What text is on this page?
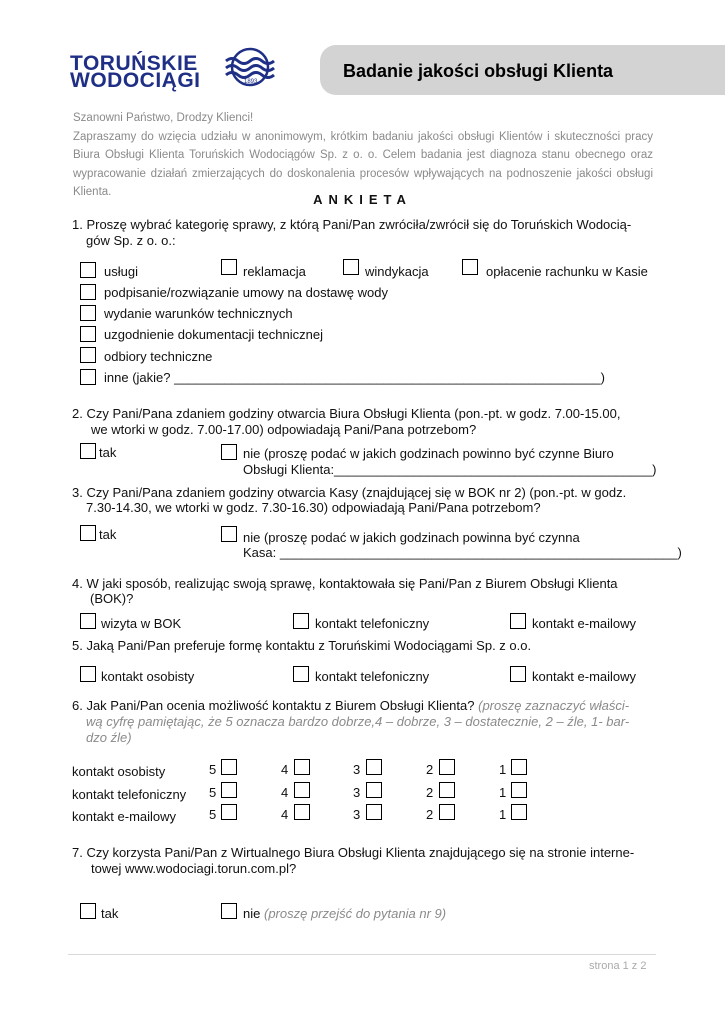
TORUŃSKIE
WODOCIĄGI	1893
Badanie jakości obsługi Klienta
Szanowni Państwo, Drodzy Klienci!
Zapraszamy do wzięcia udziału w anonimowym, krótkim badaniu jakości obsługi Klientów i skuteczności pracy Biura Obsługi Klienta Toruńskich Wodociągów Sp. z o. o. Celem badania jest diagnoza stanu obecnego oraz wypracowanie działań zmierzających do doskonalenia procesów wpływających na podnoszenie jakości obsługi Klienta.	ANKIETA
1. Proszę wybrać kategorię sprawy, z którą Pani/Pan zwróciła/zwrócił się do Toruńskich Wodocią-
gów Sp. z o. o.:
usługi	reklamacja	windykacja	opłacenie rachunku w Kasie
podpisanie/rozwiązanie umowy na dostawę wody
wydanie warunków technicznych
uzgodnienie dokumentacji technicznej
odbiory techniczne
inne (jakie? ___________________________________________________________)
2. Czy Pani/Pana zdaniem godziny otwarcia Biura Obsługi Klienta (pon.-pt. w godz. 7.00-15.00,
we wtorki w godz. 7.00-17.00) odpowiadają Pani/Pana potrzebom?
tak	nie (proszę podać w jakich godzinach powinno być czynne Biuro
Obsługi Klienta:____________________________________________)
3. Czy Pani/Pana zdaniem godziny otwarcia Kasy (znajdującej się w BOK nr 2) (pon.-pt. w godz.
7.30-14.30, we wtorki w godz. 7.30-16.30) odpowiadają Pani/Pana potrzebom?
tak	nie (proszę podać w jakich godzinach powinna być czynna
Kasa: _______________________________________________________)
4. W jaki sposób, realizując swoją sprawę, kontaktowała się Pani/Pan z Biurem Obsługi Klienta
(BOK)?
wizyta w BOK	kontakt telefoniczny	kontakt e-mailowy
5. Jaką Pani/Pan preferuje formę kontaktu z Toruńskimi Wodociągami Sp. z o.o.
kontakt osobisty	kontakt telefoniczny	kontakt e-mailowy
6. Jak Pani/Pan ocenia możliwość kontaktu z Biurem Obsługi Klienta? (proszę zaznaczyć właści-
wą cyfrę pamiętając, że 5 oznacza bardzo dobrze,4 – dobrze, 3 – dostatecznie, 2 – źle, 1- bar-
dzo źle)
kontakt osobisty	5	4	3	2	1
kontakt telefoniczny 5	4	3	2	1
kontakt e-mailowy	5	4	3	2	1
7. Czy korzysta Pani/Pan z Wirtualnego Biura Obsługi Klienta znajdującego się na stronie interne-
towej www.wodociagi.torun.com.pl?
tak	nie (proszę przejść do pytania nr 9)
strona 1 z 2
